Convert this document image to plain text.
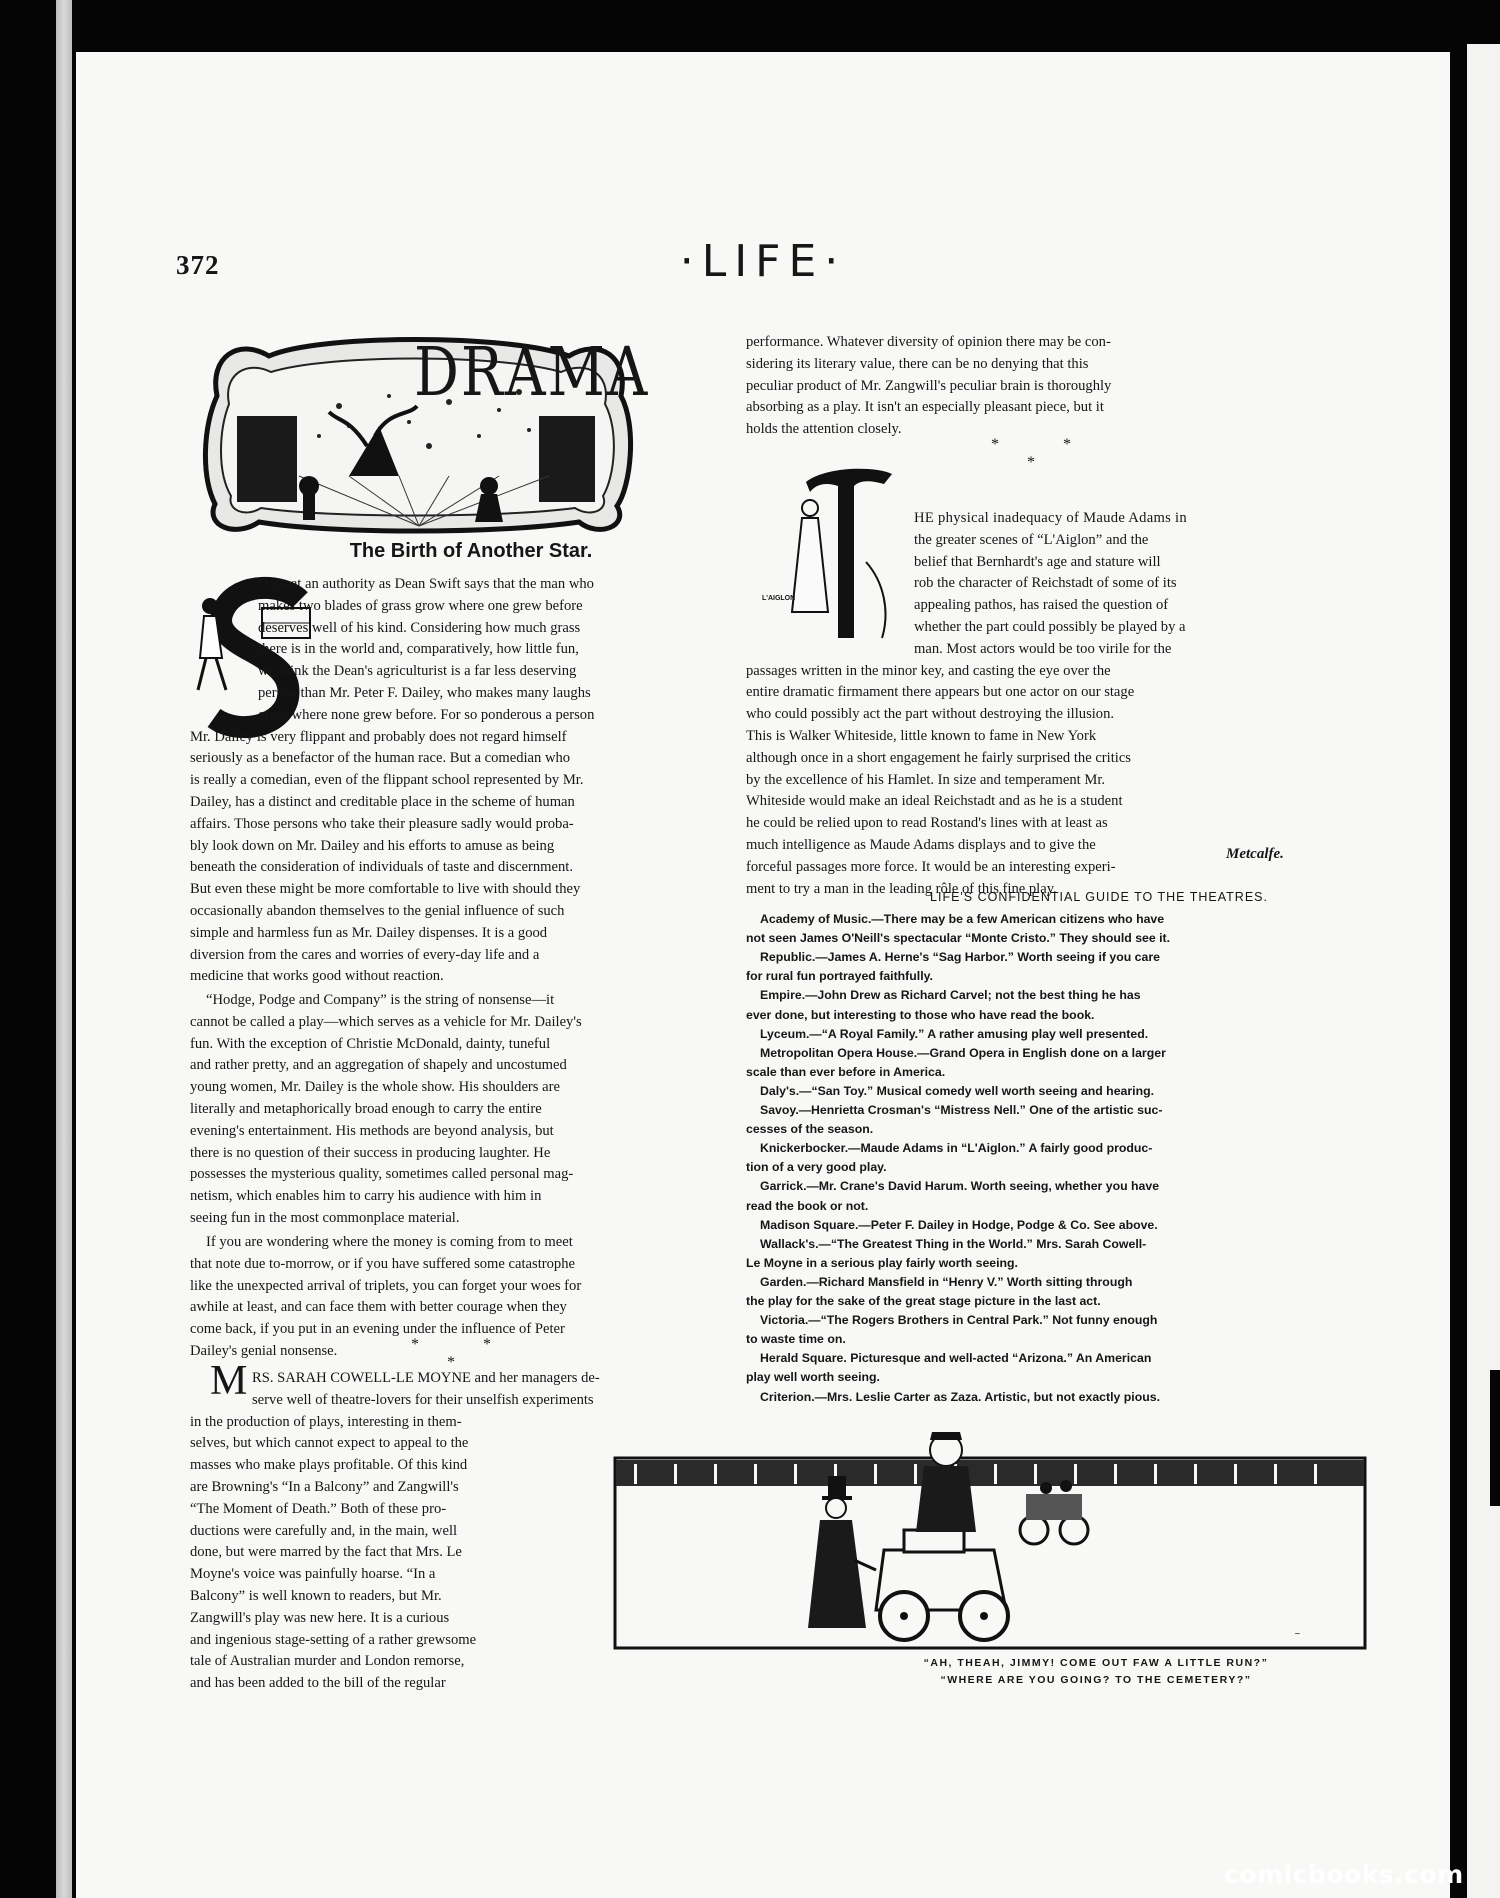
372	·LIFE·
DRAMA
The Birth of Another Star.
* * *
M
* * *
L'AIGLON
Metcalfe.
LIFE'S CONFIDENTIAL GUIDE TO THE THEATRES.
~
“AH, THEAH, JIMMY! COME OUT FAW A LITTLE RUN?”
“WHERE ARE YOU GOING? TO THE CEMETERY?”
O great an authority as Dean Swift says that the man who
makes two blades of grass grow where one grew before
deserves well of his kind. Considering how much grass
there is in the world and, comparatively, how little fun,
we think the Dean's agriculturist is a far less deserving
person than Mr. Peter F. Dailey, who makes many laughs
grow where none grew before. For so ponderous a person
Mr. Dailey is very flippant and probably does not regard himself
seriously as a benefactor of the human race. But a comedian who
is really a comedian, even of the flippant school represented by Mr.
Dailey, has a distinct and creditable place in the scheme of human
affairs. Those persons who take their pleasure sadly would proba-
bly look down on Mr. Dailey and his efforts to amuse as being
beneath the consideration of individuals of taste and discernment.
But even these might be more comfortable to live with should they
occasionally abandon themselves to the genial influence of such
simple and harmless fun as Mr. Dailey dispenses. It is a good
diversion from the cares and worries of every-day life and a
medicine that works good without reaction.
“Hodge, Podge and Company” is the string of nonsense—it
cannot be called a play—which serves as a vehicle for Mr. Dailey's
fun. With the exception of Christie McDonald, dainty, tuneful
and rather pretty, and an aggregation of shapely and uncostumed
young women, Mr. Dailey is the whole show. His shoulders are
literally and metaphorically broad enough to carry the entire
evening's entertainment. His methods are beyond analysis, but
there is no question of their success in producing laughter. He
possesses the mysterious quality, sometimes called personal mag-
netism, which enables him to carry his audience with him in
seeing fun in the most commonplace material.
If you are wondering where the money is coming from to meet
that note due to-morrow, or if you have suffered some catastrophe
like the unexpected arrival of triplets, you can forget your woes for
awhile at least, and can face them with better courage when they
come back, if you put in an evening under the influence of Peter
Dailey's genial nonsense.
RS. SARAH COWELL-LE MOYNE and her managers de-
serve well of theatre-lovers for their unselfish experiments
in the production of plays, interesting in them-
selves, but which cannot expect to appeal to the
masses who make plays profitable. Of this kind
are Browning's “In a Balcony” and Zangwill's
“The Moment of Death.” Both of these pro-
ductions were carefully and, in the main, well
done, but were marred by the fact that Mrs. Le
Moyne's voice was painfully hoarse. “In a
Balcony” is well known to readers, but Mr.
Zangwill's play was new here. It is a curious
and ingenious stage-setting of a rather grewsome
tale of Australian murder and London remorse,
and has been added to the bill of the regular
performance. Whatever diversity of opinion there may be con-
sidering its literary value, there can be no denying that this
peculiar product of Mr. Zangwill's peculiar brain is thoroughly
absorbing as a play. It isn't an especially pleasant piece, but it
holds the attention closely.
HE physical inadequacy of Maude Adams in
the greater scenes of “L'Aiglon” and the
belief that Bernhardt's age and stature will
rob the character of Reichstadt of some of its
appealing pathos, has raised the question of
whether the part could possibly be played by a
man. Most actors would be too virile for the
passages written in the minor key, and casting the eye over the
entire dramatic firmament there appears but one actor on our stage
who could possibly act the part without destroying the illusion.
This is Walker Whiteside, little known to fame in New York
although once in a short engagement he fairly surprised the critics
by the excellence of his Hamlet. In size and temperament Mr.
Whiteside would make an ideal Reichstadt and as he is a student
he could be relied upon to read Rostand's lines with at least as
much intelligence as Maude Adams displays and to give the
forceful passages more force. It would be an interesting experi-
ment to try a man in the leading rôle of this fine play.
Academy of Music.—There may be a few American citizens who have
not seen James O'Neill's spectacular “Monte Cristo.” They should see it.
Republic.—James A. Herne's “Sag Harbor.” Worth seeing if you care
for rural fun portrayed faithfully.
Empire.—John Drew as Richard Carvel; not the best thing he has
ever done, but interesting to those who have read the book.
Lyceum.—“A Royal Family.” A rather amusing play well presented.
Metropolitan Opera House.—Grand Opera in English done on a larger
scale than ever before in America.
Daly's.—“San Toy.” Musical comedy well worth seeing and hearing.
Savoy.—Henrietta Crosman's “Mistress Nell.” One of the artistic suc-
cesses of the season.
Knickerbocker.—Maude Adams in “L'Aiglon.” A fairly good produc-
tion of a very good play.
Garrick.—Mr. Crane's David Harum. Worth seeing, whether you have
read the book or not.
Madison Square.—Peter F. Dailey in Hodge, Podge & Co. See above.
Wallack's.—“The Greatest Thing in the World.” Mrs. Sarah Cowell-
Le Moyne in a serious play fairly worth seeing.
Garden.—Richard Mansfield in “Henry V.” Worth sitting through
the play for the sake of the great stage picture in the last act.
Victoria.—“The Rogers Brothers in Central Park.” Not funny enough
to waste time on.
Herald Square. Picturesque and well-acted “Arizona.” An American
play well worth seeing.
Criterion.—Mrs. Leslie Carter as Zaza. Artistic, but not exactly pious.
comicbooks.com
